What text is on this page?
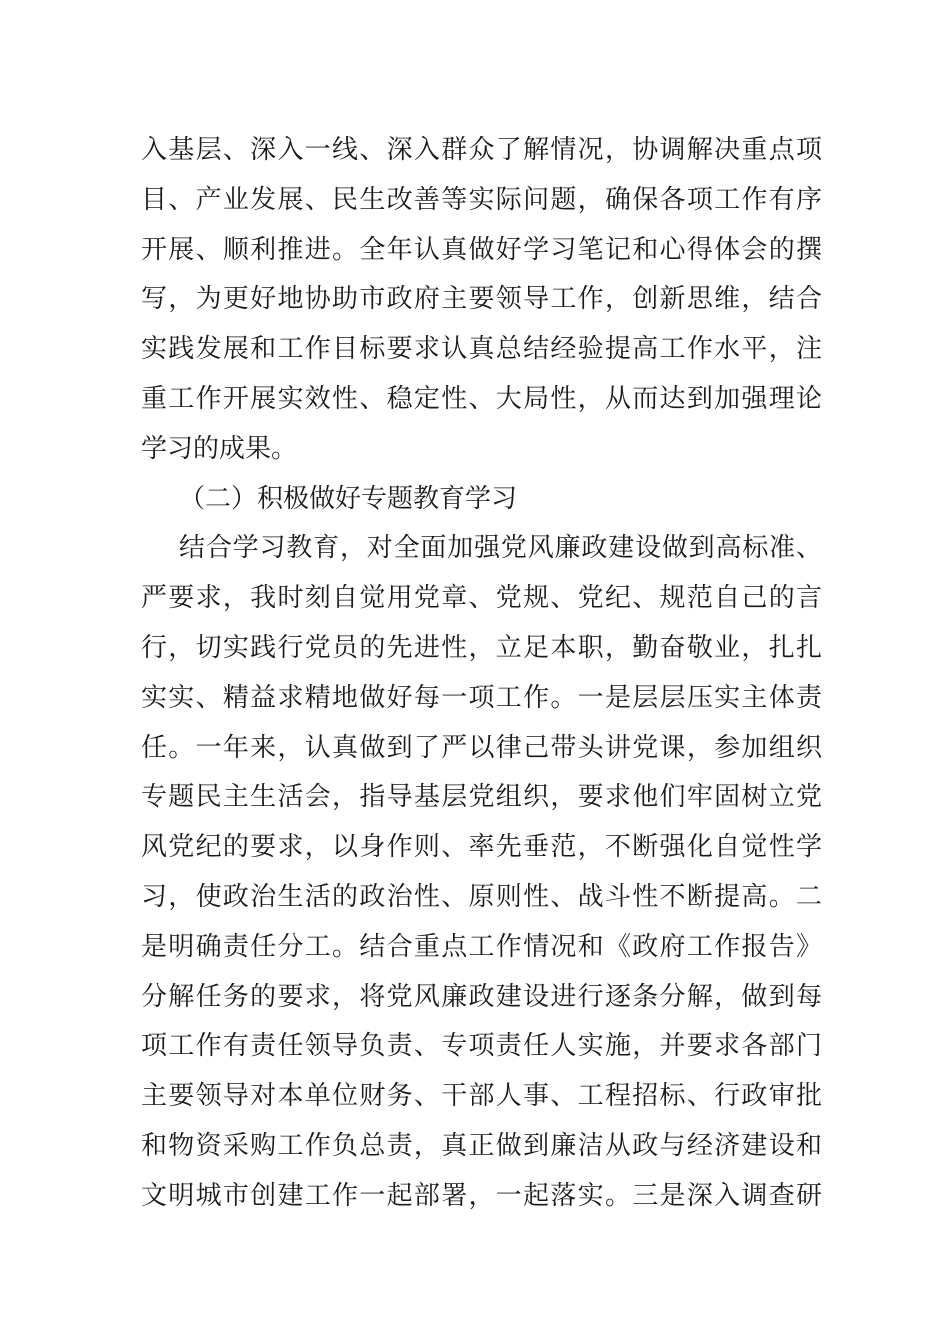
入基层、深入一线、深入群众了解情况，协调解决重点项
目、产业发展、民生改善等实际问题，确保各项工作有序
开展、顺利推进。全年认真做好学习笔记和心得体会的撰
写，为更好地协助市政府主要领导工作，创新思维，结合
实践发展和工作目标要求认真总结经验提高工作水平，注
重工作开展实效性、稳定性、大局性，从而达到加强理论
学习的成果。
（二）积极做好专题教育学习
结合学习教育，对全面加强党风廉政建设做到高标准、
严要求，我时刻自觉用党章、党规、党纪、规范自己的言
行，切实践行党员的先进性，立足本职，勤奋敬业，扎扎
实实、精益求精地做好每一项工作。一是层层压实主体责
任。一年来，认真做到了严以律己带头讲党课，参加组织
专题民主生活会，指导基层党组织，要求他们牢固树立党
风党纪的要求，以身作则、率先垂范，不断强化自觉性学
习，使政治生活的政治性、原则性、战斗性不断提高。二
是明确责任分工。结合重点工作情况和《政府工作报告》
分解任务的要求，将党风廉政建设进行逐条分解，做到每
项工作有责任领导负责、专项责任人实施，并要求各部门
主要领导对本单位财务、干部人事、工程招标、行政审批
和物资采购工作负总责，真正做到廉洁从政与经济建设和
文明城市创建工作一起部署，一起落实。三是深入调查研
